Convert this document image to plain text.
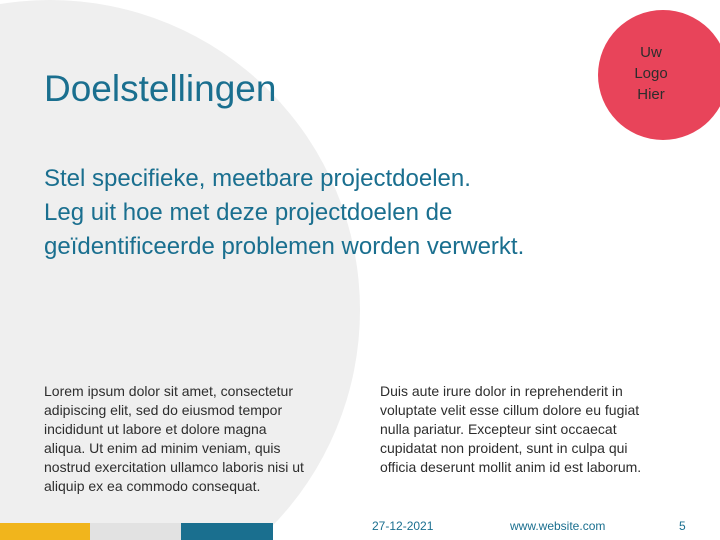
Doelstellingen
Uw
Logo
Hier
Stel specifieke, meetbare projectdoelen.
Leg uit hoe met deze projectdoelen de
geïdentificeerde problemen worden verwerkt.
Lorem ipsum dolor sit amet, consectetur
adipiscing elit, sed do eiusmod tempor
incididunt ut labore et dolore magna
aliqua. Ut enim ad minim veniam, quis
nostrud exercitation ullamco laboris nisi ut
aliquip ex ea commodo consequat.
Duis aute irure dolor in reprehenderit in
voluptate velit esse cillum dolore eu fugiat
nulla pariatur. Excepteur sint occaecat
cupidatat non proident, sunt in culpa qui
officia deserunt mollit anim id est laborum.
27-12-2021	www.website.com	5
